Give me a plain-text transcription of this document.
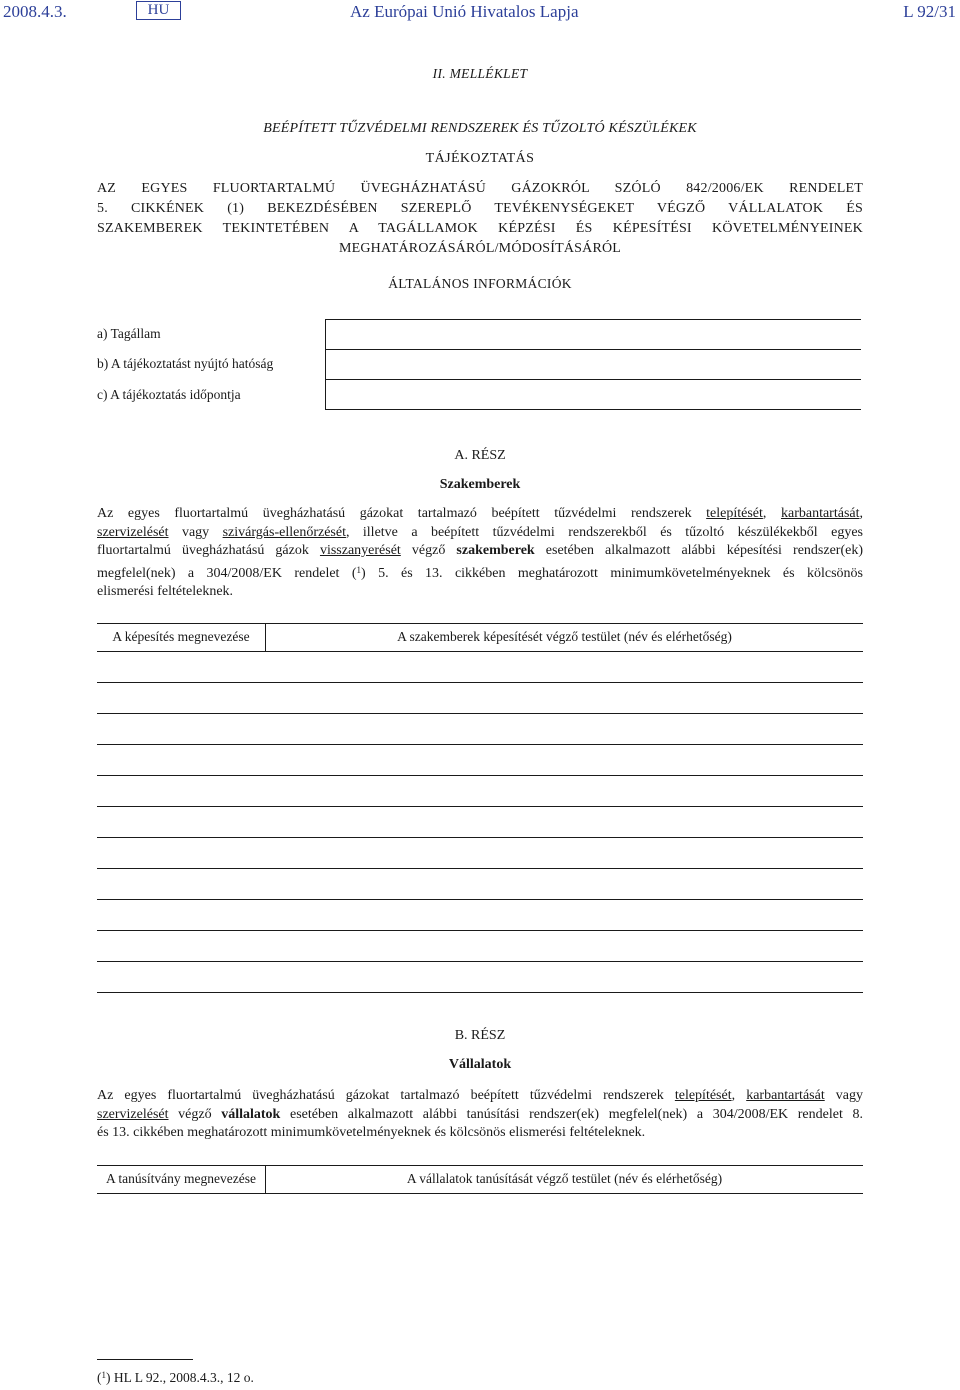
2008.4.3.	HU	Az Európai Unió Hivatalos Lapja	L 92/31
II. MELLÉKLET
BEÉPÍTETT TŰZVÉDELMI RENDSZEREK ÉS TŰZOLTÓ KÉSZÜLÉKEK
TÁJÉKOZTATÁS
AZ EGYES FLUORTARTALMÚ ÜVEGHÁZHATÁSÚ GÁZOKRÓL SZÓLÓ 842/2006/EK RENDELET
5. CIKKÉNEK (1) BEKEZDÉSÉBEN SZEREPLŐ TEVÉKENYSÉGEKET VÉGZŐ VÁLLALATOK ÉS
SZAKEMBEREK TEKINTETÉBEN A TAGÁLLAMOK KÉPZÉSI ÉS KÉPESÍTÉSI KÖVETELMÉNYEINEK
MEGHATÁROZÁSÁRÓL/MÓDOSÍTÁSÁRÓL
ÁLTALÁNOS INFORMÁCIÓK
a) Tagállam
b) A tájékoztatást nyújtó hatóság
c) A tájékoztatás időpontja
A. RÉSZ
Szakemberek
Az egyes fluortartalmú üvegházhatású gázokat tartalmazó beépített tűzvédelmi rendszerek telepítését, karbantartását,
szervizelését vagy szivárgás-ellenőrzését, illetve a beépített tűzvédelmi rendszerekből és tűzoltó készülékekből egyes
fluortartalmú üvegházhatású gázok visszanyerését végző szakemberek esetében alkalmazott alábbi képesítési rendszer(ek)
megfelel(nek) a 304/2008/EK rendelet ($^1$) 5. és 13. cikkében meghatározott minimumkövetelményeknek és kölcsönös
elismerési feltételeknek.
A képesítés megnevezése	A szakemberek képesítését végző testület (név és elérhetőség)
B. RÉSZ
Vállalatok
Az egyes fluortartalmú üvegházhatású gázokat tartalmazó beépített tűzvédelmi rendszerek telepítését, karbantartását vagy
szervizelését végző vállalatok esetében alkalmazott alábbi tanúsítási rendszer(ek) megfelel(nek) a 304/2008/EK rendelet 8.
és 13. cikkében meghatározott minimumkövetelményeknek és kölcsönös elismerési feltételeknek.
A tanúsítvány megnevezése	A vállalatok tanúsítását végző testület (név és elérhetőség)
($^1$) HL L 92., 2008.4.3., 12 o.
